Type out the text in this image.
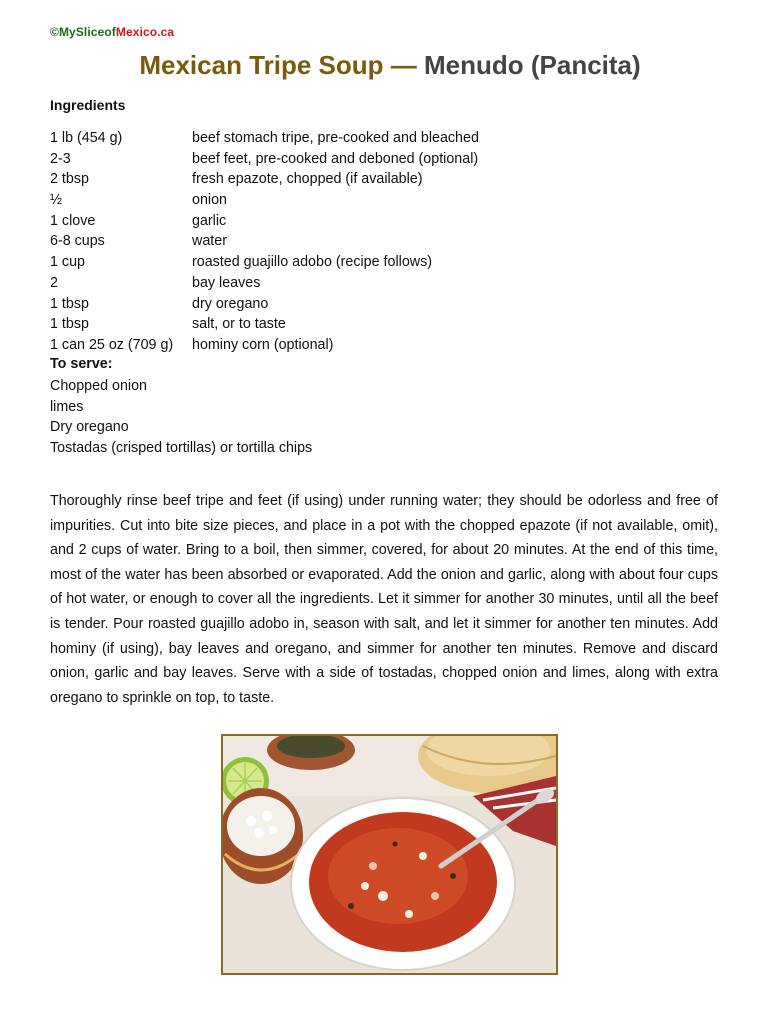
©MySliceofMexico.ca
Mexican Tripe Soup — Menudo (Pancita)
Ingredients
1 lb (454 g)	beef stomach tripe, pre-cooked and bleached
2-3	beef feet, pre-cooked and deboned (optional)
2 tbsp	fresh epazote, chopped (if available)
½	onion
1 clove	garlic
6-8 cups	water
1 cup	roasted guajillo adobo (recipe follows)
2	bay leaves
1 tbsp	dry oregano
1 tbsp	salt, or to taste
1 can 25 oz (709 g)	hominy corn (optional)
To serve:
Chopped onion
limes
Dry oregano
Tostadas (crisped tortillas) or tortilla chips

Thoroughly rinse beef tripe and feet (if using) under running water; they should be odorless and free of impurities. Cut into bite size pieces, and place in a pot with the chopped epazote (if not available, omit), and 2 cups of water. Bring to a boil, then simmer, covered, for about 20 minutes. At the end of this time, most of the water has been absorbed or evaporated. Add the onion and garlic, along with about four cups of hot water, or enough to cover all the ingredients. Let it simmer for another 30 minutes, until all the beef is tender. Pour roasted guajillo adobo in, season with salt, and let it simmer for another ten minutes. Add hominy (if using), bay leaves and oregano, and simmer for another ten minutes. Remove and discard onion, garlic and bay leaves. Serve with a side of tostadas, chopped onion and limes, along with extra oregano to sprinkle on top, to taste.
